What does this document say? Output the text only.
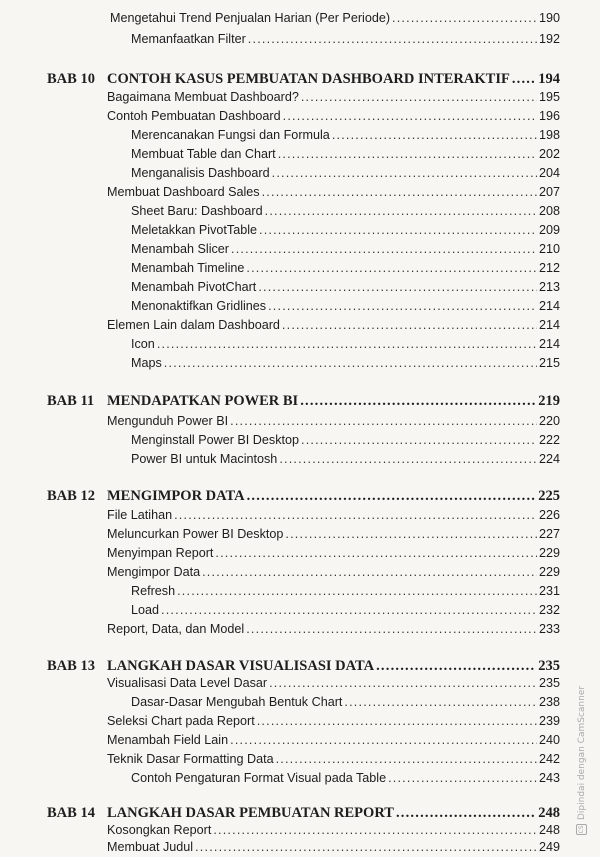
Mengetahui Trend Penjualan Harian (Per Periode) .....	190
Memanfaatkan Filter .....	192
BAB 10 CONTOH KASUS PEMBUATAN DASHBOARD INTERAKTIF ..... 194
Bagaimana Membuat Dashboard? .....	195
Contoh Pembuatan Dashboard .....	196
Merencanakan Fungsi dan Formula .....	198
Membuat Table dan Chart .....	202
Menganalisis Dashboard .....	204
Membuat Dashboard Sales .....	207
Sheet Baru: Dashboard .....	208
Meletakkan PivotTable .....	209
Menambah Slicer .....	210
Menambah Timeline .....	212
Menambah PivotChart .....	213
Menonaktifkan Gridlines .....	214
Elemen Lain dalam Dashboard .....	214
Icon .....	214
Maps .....	215
BAB 11 MENDAPATKAN POWER BI .....	219
Mengunduh Power BI .....	220
Menginstall Power BI Desktop .....	222
Power BI untuk Macintosh .....	224
BAB 12 MENGIMPOR DATA .....	225
File Latihan .....	226
Meluncurkan Power BI Desktop .....	227
Menyimpan Report .....	229
Mengimpor Data .....	229
Refresh .....	231
Load .....	232
Report, Data, dan Model .....	233
BAB 13 LANGKAH DASAR VISUALISASI DATA .....	235
Visualisasi Data Level Dasar .....	235
Dasar-Dasar Mengubah Bentuk Chart .....	238
Seleksi Chart pada Report .....	239
Menambah Field Lain .....	240
Teknik Dasar Formatting Data .....	242
Contoh Pengaturan Format Visual pada Table .....	243
BAB 14 LANGKAH DASAR PEMBUATAN REPORT .....	248
Kosongkan Report .....	248
Membuat Judul .....	249
CS
Dipindai dengan CamScanner
